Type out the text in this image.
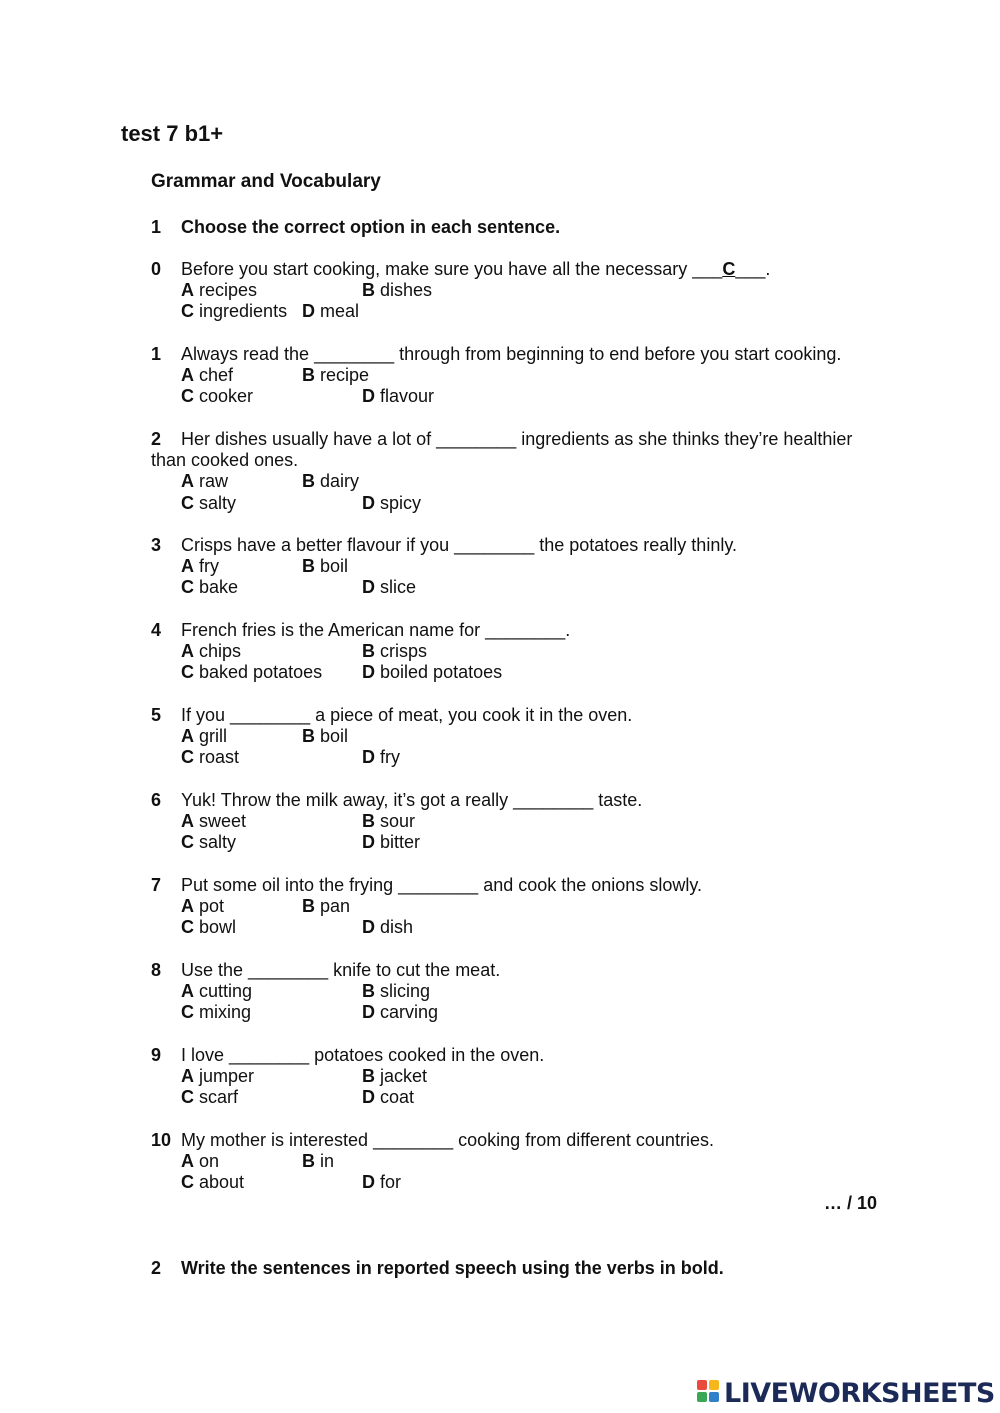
test 7 b1+
Grammar and Vocabulary
1 Choose the correct option in each sentence.
0 Before you start cooking, make sure you have all the necessary ___C___.
A recipes	B dishes
C ingredients D meal
1 Always read the ________ through from beginning to end before you start cooking.
A chef	B recipe
C cooker	D flavour
2	Her dishes usually have a lot of ________ ingredients as she thinks they’re healthier than cooked ones.
A raw	B dairy
C salty	D spicy
3 Crisps have a better flavour if you ________ the potatoes really thinly.
A fry	B boil
C bake	D slice
4 French fries is the American name for ________.
A chips	B crisps
C baked potatoes D boiled potatoes
5 If you ________ a piece of meat, you cook it in the oven.
A grill	B boil
C roast	D fry
6 Yuk! Throw the milk away, it’s got a really ________ taste.
A sweet	B sour
C salty	D bitter
7 Put some oil into the frying ________ and cook the onions slowly.
A pot	B pan
C bowl	D dish
8 Use the ________ knife to cut the meat.
A cutting	B slicing
C mixing	D carving
9 I love ________ potatoes cooked in the oven.
A jumper	B jacket
C scarf	D coat
10 My mother is interested ________ cooking from different countries.
A on	B in
C about	D for
… / 10
2 Write the sentences in reported speech using the verbs in bold.
LIVEWORKSHEETS
